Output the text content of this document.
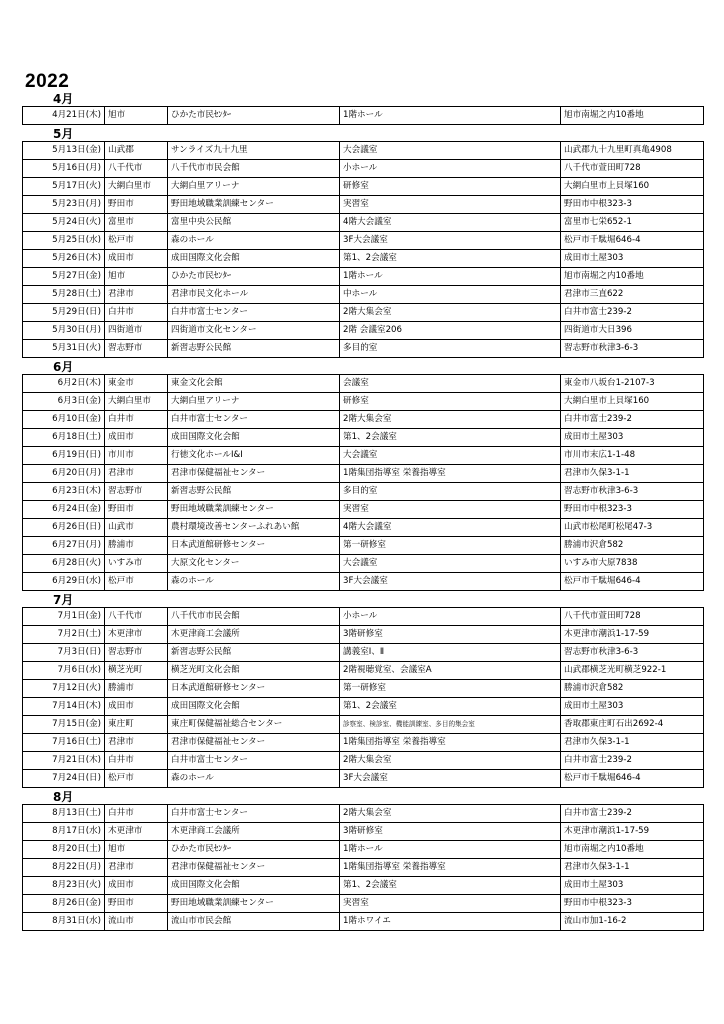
2022
4月
4月21日(木)	旭市	ひかた市民ｾﾝﾀｰ	1階ホール	旭市南堀之内10番地
5月
5月13日(金)	山武郡	サンライズ九十九里	大会議室	山武郡九十九里町真亀4908
5月16日(月)	八千代市	八千代市市民会館	小ホール	八千代市萱田町728
5月17日(火)	大網白里市	大網白里アリーナ	研修室	大網白里市上貝塚160
5月23日(月)	野田市	野田地域職業訓練センター	実習室	野田市中根323-3
5月24日(火)	富里市	富里中央公民館	4階大会議室	富里市七栄652-1
5月25日(水)	松戸市	森のホール	3F大会議室	松戸市千駄堀646-4
5月26日(木)	成田市	成田国際文化会館	第1、2会議室	成田市土屋303
5月27日(金)	旭市	ひかた市民ｾﾝﾀｰ	1階ホール	旭市南堀之内10番地
5月28日(土)	君津市	君津市民文化ホール	中ホール	君津市三直622
5月29日(日)	白井市	白井市富士センター	2階大集会室	白井市富士239-2
5月30日(月)	四街道市	四街道市文化センター	2階 会議室206	四街道市大日396
5月31日(火)	習志野市	新習志野公民館	多目的室	習志野市秋津3-6-3
6月
6月2日(木)	東金市	東金文化会館	会議室	東金市八坂台1-2107-3
6月3日(金)	大網白里市	大網白里アリーナ	研修室	大網白里市上貝塚160
6月10日(金)	白井市	白井市富士センター	2階大集会室	白井市富士239-2
6月18日(土)	成田市	成田国際文化会館	第1、2会議室	成田市土屋303
6月19日(日)	市川市	行徳文化ホールI&I	大会議室	市川市末広1-1-48
6月20日(月)	君津市	君津市保健福祉センター	1階集団指導室 栄養指導室	君津市久保3-1-1
6月23日(木)	習志野市	新習志野公民館	多目的室	習志野市秋津3-6-3
6月24日(金)	野田市	野田地域職業訓練センター	実習室	野田市中根323-3
6月26日(日)	山武市	農村環境改善センターふれあい館	4階大会議室	山武市松尾町松尾47-3
6月27日(月)	勝浦市	日本武道館研修センター	第一研修室	勝浦市沢倉582
6月28日(火)	いすみ市	大原文化センター	大会議室	いすみ市大原7838
6月29日(水)	松戸市	森のホール	3F大会議室	松戸市千駄堀646-4
7月
7月1日(金)	八千代市	八千代市市民会館	小ホール	八千代市萱田町728
7月2日(土)	木更津市	木更津商工会議所	3階研修室	木更津市潮浜1-17-59
7月3日(日)	習志野市	新習志野公民館	講義室Ⅰ、Ⅱ	習志野市秋津3-6-3
7月6日(水)	横芝光町	横芝光町文化会館	2階視聴覚室、会議室A	山武郡横芝光町横芝922-1
7月12日(火)	勝浦市	日本武道館研修センター	第一研修室	勝浦市沢倉582
7月14日(木)	成田市	成田国際文化会館	第1、2会議室	成田市土屋303
7月15日(金)	東庄町	東庄町保健福祉総合センター	診察室、検診室、機能訓練室、多目的集会室	香取郡東庄町石出2692-4
7月16日(土)	君津市	君津市保健福祉センター	1階集団指導室 栄養指導室	君津市久保3-1-1
7月21日(木)	白井市	白井市富士センター	2階大集会室	白井市富士239-2
7月24日(日)	松戸市	森のホール	3F大会議室	松戸市千駄堀646-4
8月
8月13日(土)	白井市	白井市富士センター	2階大集会室	白井市富士239-2
8月17日(水)	木更津市	木更津商工会議所	3階研修室	木更津市潮浜1-17-59
8月20日(土)	旭市	ひかた市民ｾﾝﾀｰ	1階ホール	旭市南堀之内10番地
8月22日(月)	君津市	君津市保健福祉センター	1階集団指導室 栄養指導室	君津市久保3-1-1
8月23日(火)	成田市	成田国際文化会館	第1、2会議室	成田市土屋303
8月26日(金)	野田市	野田地域職業訓練センター	実習室	野田市中根323-3
8月31日(水)	流山市	流山市市民会館	1階ホワイエ	流山市加1-16-2
